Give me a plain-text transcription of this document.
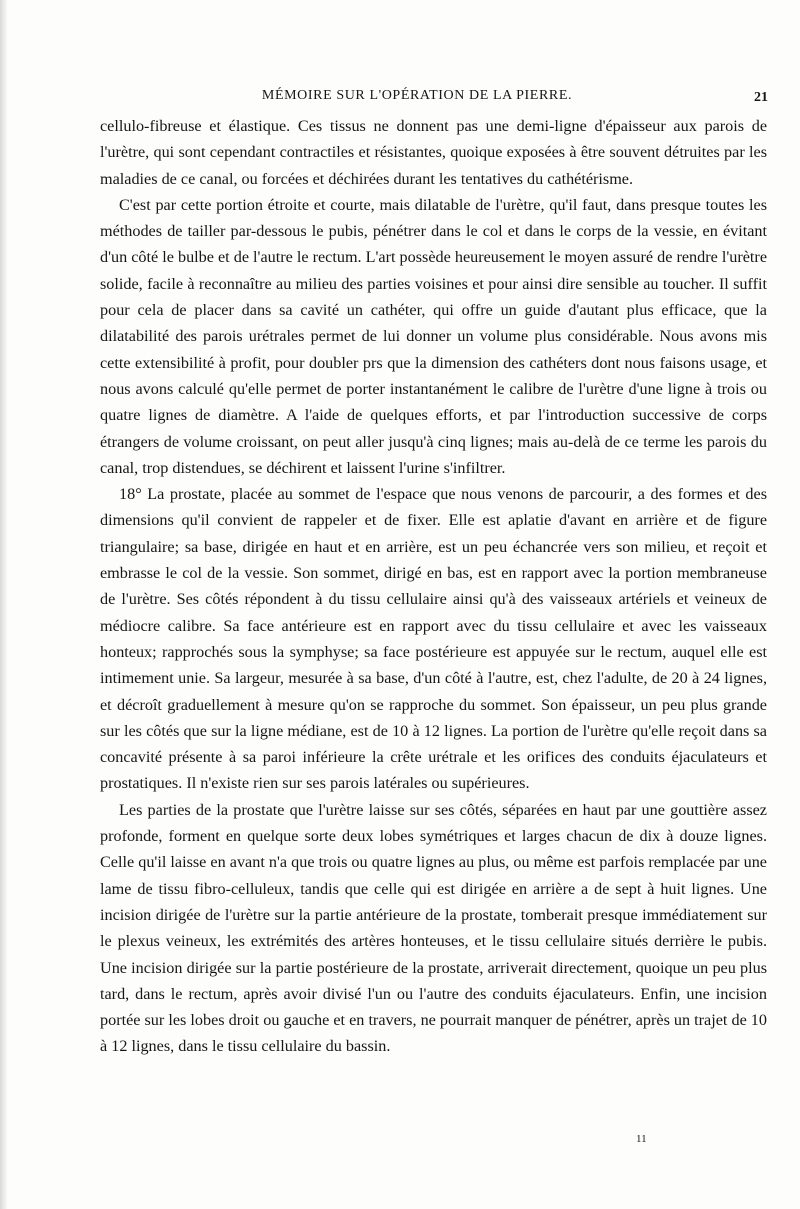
MÉMOIRE SUR L'OPÉRATION DE LA PIERRE.	21

cellulo-fibreuse et élastique. Ces tissus ne donnent pas une demi-ligne d'épaisseur aux parois de l'urètre, qui sont cependant contractiles et résistantes, quoique exposées à être souvent détruites par les maladies de ce canal, ou forcées et déchirées durant les tentatives du cathétérisme.

C'est par cette portion étroite et courte, mais dilatable de l'urètre, qu'il faut, dans presque toutes les méthodes de tailler par-dessous le pubis, pénétrer dans le col et dans le corps de la vessie, en évitant d'un côté le bulbe et de l'autre le rectum. L'art possède heureusement le moyen assuré de rendre l'urètre solide, facile à reconnaître au milieu des parties voisines et pour ainsi dire sensible au toucher. Il suffit pour cela de placer dans sa cavité un cathéter, qui offre un guide d'autant plus efficace, que la dilatabilité des parois urétrales permet de lui donner un volume plus considérable. Nous avons mis cette extensibilité à profit, pour doubler prs que la dimension des cathéters dont nous faisons usage, et nous avons calculé qu'elle permet de porter instantanément le calibre de l'urètre d'une ligne à trois ou quatre lignes de diamètre. A l'aide de quelques efforts, et par l'introduction successive de corps étrangers de volume croissant, on peut aller jusqu'à cinq lignes; mais au-delà de ce terme les parois du canal, trop distendues, se déchirent et laissent l'urine s'infiltrer.

18° La prostate, placée au sommet de l'espace que nous venons de parcourir, a des formes et des dimensions qu'il convient de rappeler et de fixer. Elle est aplatie d'avant en arrière et de figure triangulaire; sa base, dirigée en haut et en arrière, est un peu échancrée vers son milieu, et reçoit et embrasse le col de la vessie. Son sommet, dirigé en bas, est en rapport avec la portion membraneuse de l'urètre. Ses côtés répondent à du tissu cellulaire ainsi qu'à des vaisseaux artériels et veineux de médiocre calibre. Sa face antérieure est en rapport avec du tissu cellulaire et avec les vaisseaux honteux; rapprochés sous la symphyse; sa face postérieure est appuyée sur le rectum, auquel elle est intimement unie. Sa largeur, mesurée à sa base, d'un côté à l'autre, est, chez l'adulte, de 20 à 24 lignes, et décroît graduellement à mesure qu'on se rapproche du sommet. Son épaisseur, un peu plus grande sur les côtés que sur la ligne médiane, est de 10 à 12 lignes. La portion de l'urètre qu'elle reçoit dans sa concavité présente à sa paroi inférieure la crête urétrale et les orifices des conduits éjaculateurs et prostatiques. Il n'existe rien sur ses parois latérales ou supérieures.

Les parties de la prostate que l'urètre laisse sur ses côtés, séparées en haut par une gouttière assez profonde, forment en quelque sorte deux lobes symétriques et larges chacun de dix à douze lignes. Celle qu'il laisse en avant n'a que trois ou quatre lignes au plus, ou même est parfois remplacée par une lame de tissu fibro-celluleux, tandis que celle qui est dirigée en arrière a de sept à huit lignes. Une incision dirigée de l'urètre sur la partie antérieure de la prostate, tomberait presque immédiatement sur le plexus veineux, les extrémités des artères honteuses, et le tissu cellulaire situés derrière le pubis. Une incision dirigée sur la partie postérieure de la prostate, arriverait directement, quoique un peu plus tard, dans le rectum, après avoir divisé l'un ou l'autre des conduits éjaculateurs. Enfin, une incision portée sur les lobes droit ou gauche et en travers, ne pourrait manquer de pénétrer, après un trajet de 10 à 12 lignes, dans le tissu cellulaire du bassin.

11
